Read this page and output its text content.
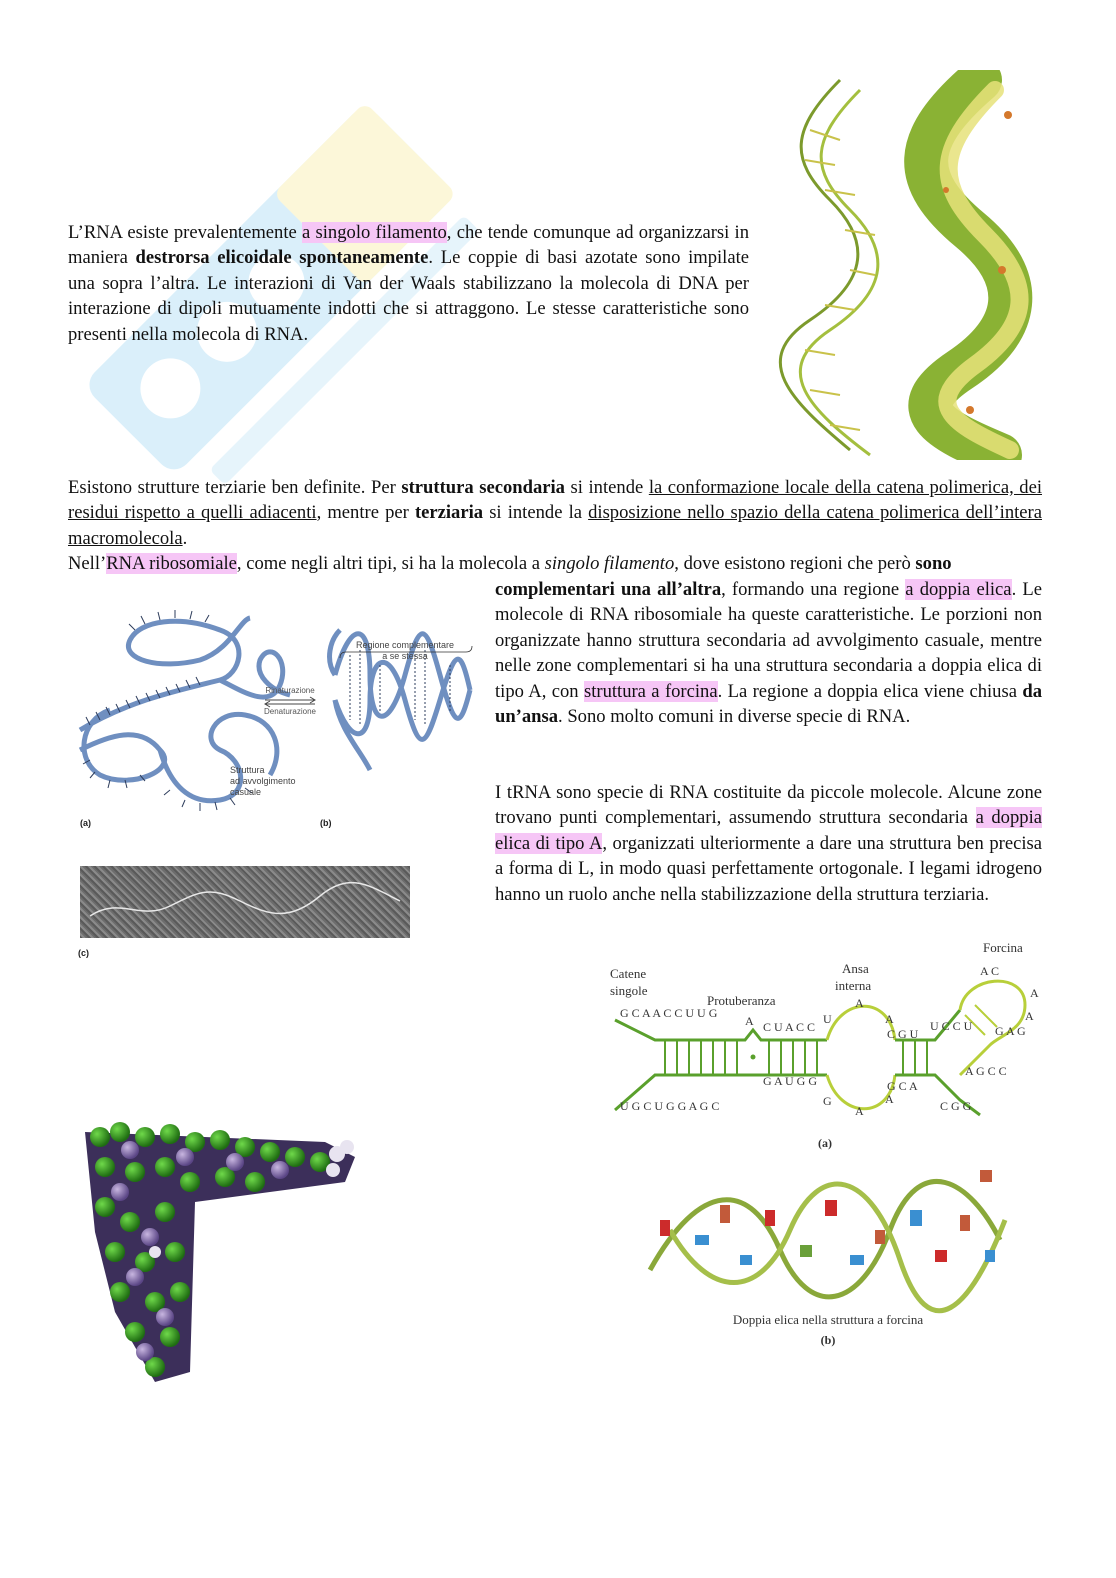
L’RNA esiste prevalentemente a singolo filamento, che tende comunque ad organizzarsi in maniera destrorsa elicoidale spontaneamente. Le coppie di basi azotate sono impilate una sopra l’altra. Le interazioni di Van der Waals stabilizzano la molecola di DNA per interazione di dipoli mutuamente indotti che si attraggono. Le stesse caratteristiche sono presenti nella molecola di RNA.

Esistono strutture terziarie ben definite. Per struttura secondaria si intende la conformazione locale della catena polimerica, dei residui rispetto a quelli adiacenti, mentre per terziaria si intende la disposizione nello spazio della catena polimerica dell’intera macromolecola.

Nell’RNA ribosomiale, come negli altri tipi, si ha la molecola a singolo filamento, dove esistono regioni che però sono

complementari una all’altra, formando una regione a doppia elica. Le molecole di RNA ribosomiale ha queste caratteristiche. Le porzioni non organizzate hanno struttura secondaria ad avvolgimento casuale, mentre nelle zone complementari si ha una struttura secondaria a doppia elica di tipo A, con struttura a forcina. La regione a doppia elica viene chiusa da un’ansa. Sono molto comuni in diverse specie di RNA.

I tRNA sono specie di RNA costituite da piccole molecole. Alcune zone trovano punti complementari, assumendo struttura secondaria a doppia elica di tipo A, organizzati ulteriormente a dare una struttura ben precisa a forma di L, in modo quasi perfettamente ortogonale. I legami idrogeno hanno un ruolo anche nella stabilizzazione della struttura terziaria.

Rinaturazione
Denaturazione
Regione complementare
a se stessa
Struttura
ad avvolgimento
casuale
(a)	(b)
(c)
Catene
singole
Protuberanza
Ansa
interna
Forcina
G C A A C C U U G
A C U A C C
U
A
A
C G U
U C C U
A C
A
A
G A G
U G C U G G A G C
G A U G G
G
A
G C A
A	C G G
A G C C
(a)
Doppia elica nella struttura a forcina
(b)
